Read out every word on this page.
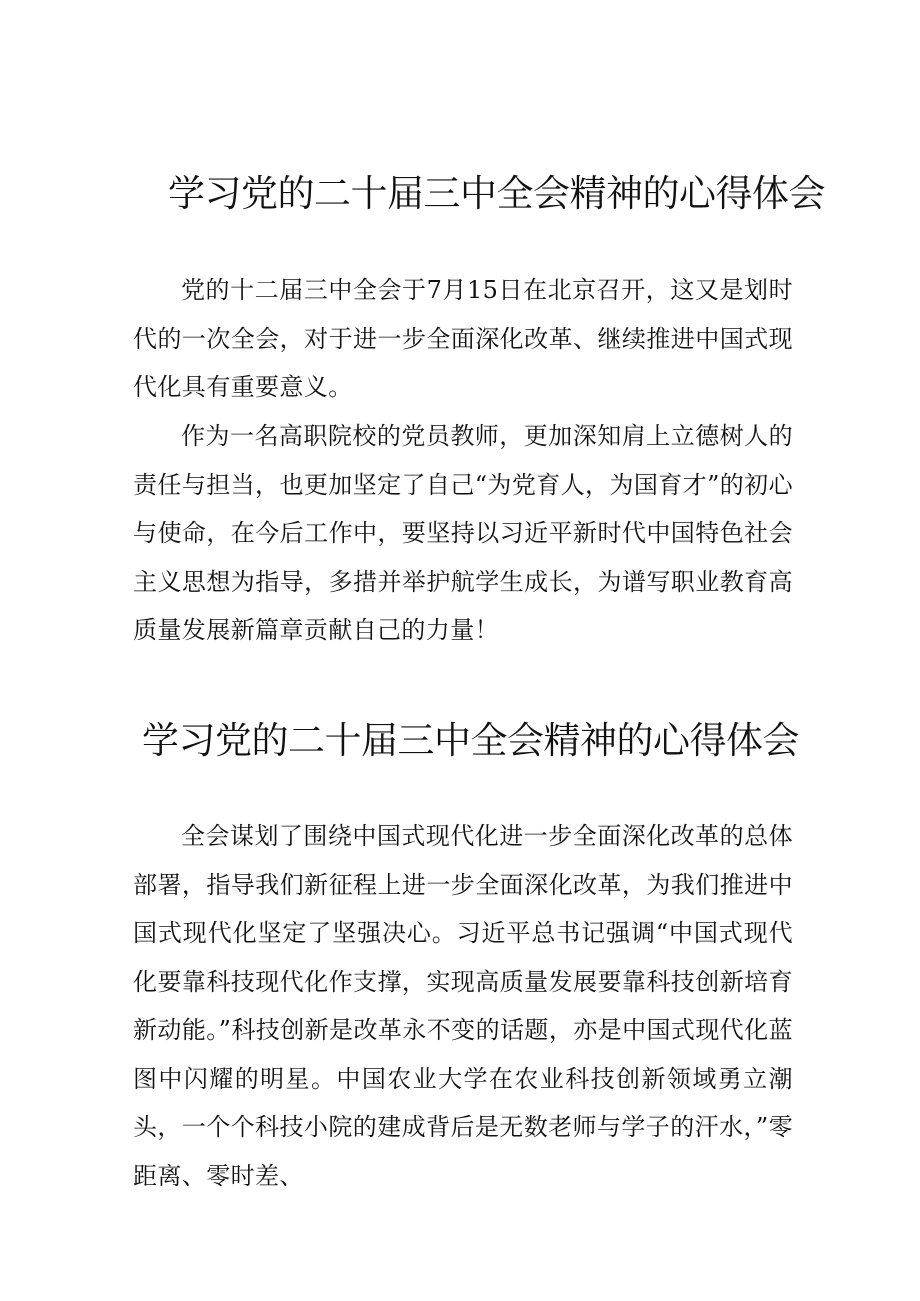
学习党的二十届三中全会精神的心得体会

党的十二届三中全会于7月15日在北京召开，这又是划时代的一次全会，对于进一步全面深化改革、继续推进中国式现代化具有重要意义。

作为一名高职院校的党员教师，更加深知肩上立德树人的责任与担当，也更加坚定了自己“为党育人，为国育才”的初心与使命，在今后工作中，要坚持以习近平新时代中国特色社会主义思想为指导，多措并举护航学生成长，为谱写职业教育高质量发展新篇章贡献自己的力量！

学习党的二十届三中全会精神的心得体会

全会谋划了围绕中国式现代化进一步全面深化改革的总体部署，指导我们新征程上进一步全面深化改革，为我们推进中国式现代化坚定了坚强决心。习近平总书记强调“中国式现代化要靠科技现代化作支撑，实现高质量发展要靠科技创新培育新动能。”科技创新是改革永不变的话题，亦是中国式现代化蓝图中闪耀的明星。中国农业大学在农业科技创新领域勇立潮头，一个个科技小院的建成背后是无数老师与学子的汗水，”零距离、零时差、
